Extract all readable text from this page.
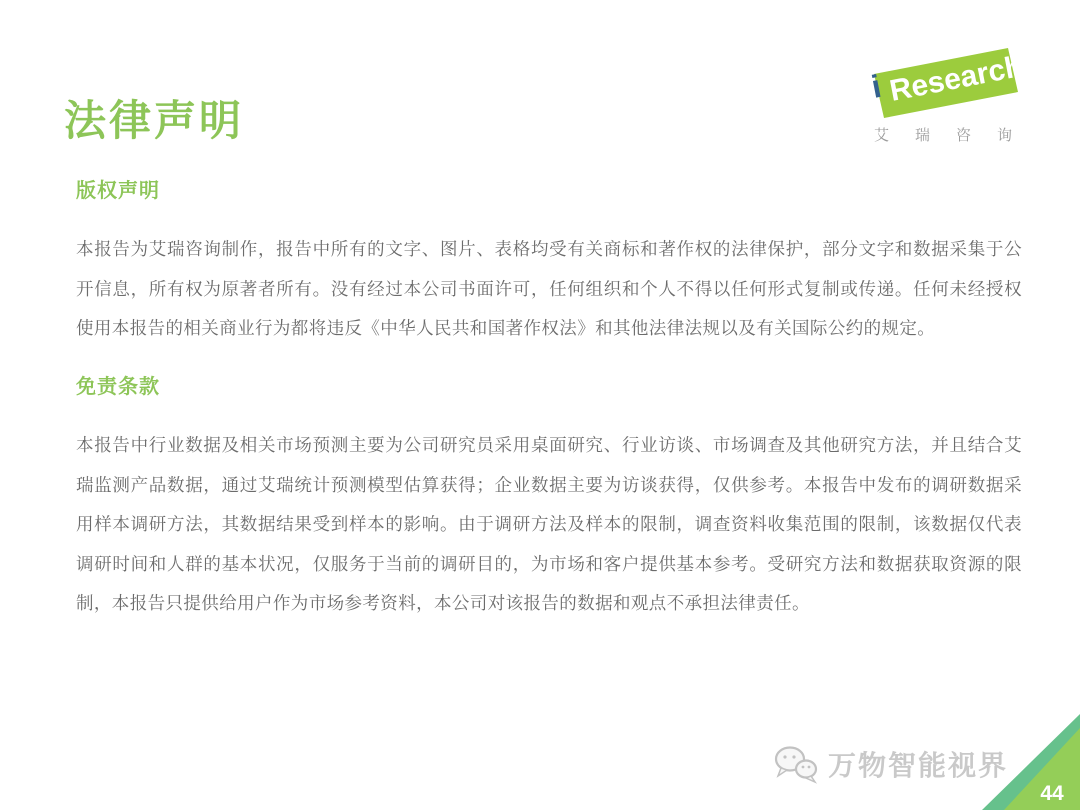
法律声明
Research
i
艾瑞咨询
版权声明

本报告为艾瑞咨询制作，报告中所有的文字、图片、表格均受有关商标和著作权的法律保护，部分文字和数据采集于公开信息，所有权为原著者所有。没有经过本公司书面许可，任何组织和个人不得以任何形式复制或传递。任何未经授权使用本报告的相关商业行为都将违反《中华人民共和国著作权法》和其他法律法规以及有关国际公约的规定。

免责条款

本报告中行业数据及相关市场预测主要为公司研究员采用桌面研究、行业访谈、市场调查及其他研究方法，并且结合艾瑞监测产品数据，通过艾瑞统计预测模型估算获得；企业数据主要为访谈获得，仅供参考。本报告中发布的调研数据采用样本调研方法，其数据结果受到样本的影响。由于调研方法及样本的限制，调查资料收集范围的限制，该数据仅代表调研时间和人群的基本状况，仅服务于当前的调研目的，为市场和客户提供基本参考。受研究方法和数据获取资源的限制，本报告只提供给用户作为市场参考资料，本公司对该报告的数据和观点不承担法律责任。

万物智能视界
44
